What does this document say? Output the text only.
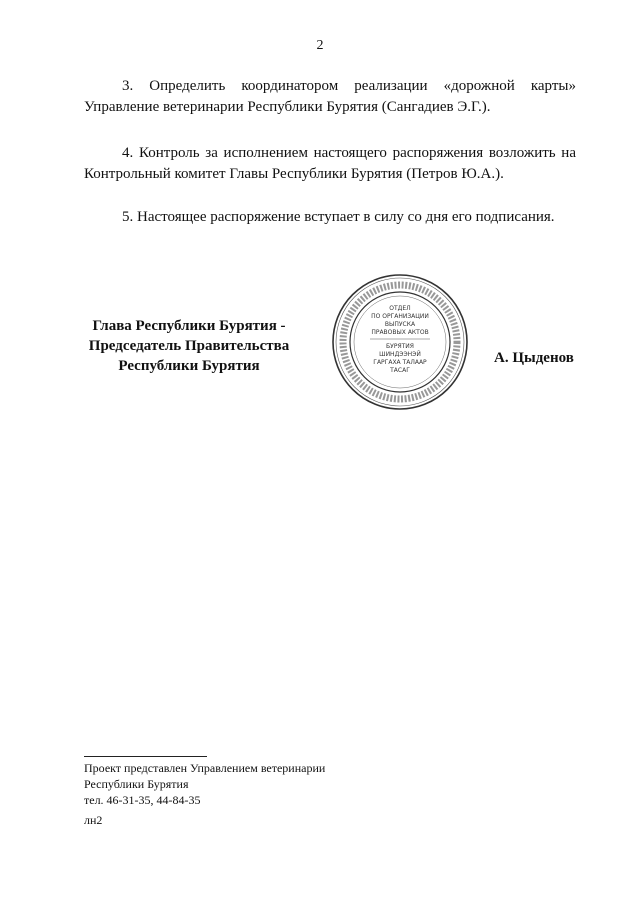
2

3. Определить координатором реализации «дорожной карты» Управление ветеринарии Республики Бурятия (Сангадиев Э.Г.).

4. Контроль за исполнением настоящего распоряжения возложить на Контрольный комитет Главы Республики Бурятия (Петров Ю.А.).

5. Настоящее распоряжение вступает в силу со дня его подписания.

Глава Республики Бурятия -
Председатель Правительства
Республики Бурятия
ОТДЕЛ
ПО ОРГАНИЗАЦИИ
ВЫПУСКА
ПРАВОВЫХ АКТОВ
БУРЯТИЯ
ШИНДЭЭНЭЙ
ГАРГАХА ТАЛААР
ТАСАГ
А. Цыденов
Проект представлен Управлением ветеринарии
Республики Бурятия
тел. 46-31-35, 44-84-35
лн2
